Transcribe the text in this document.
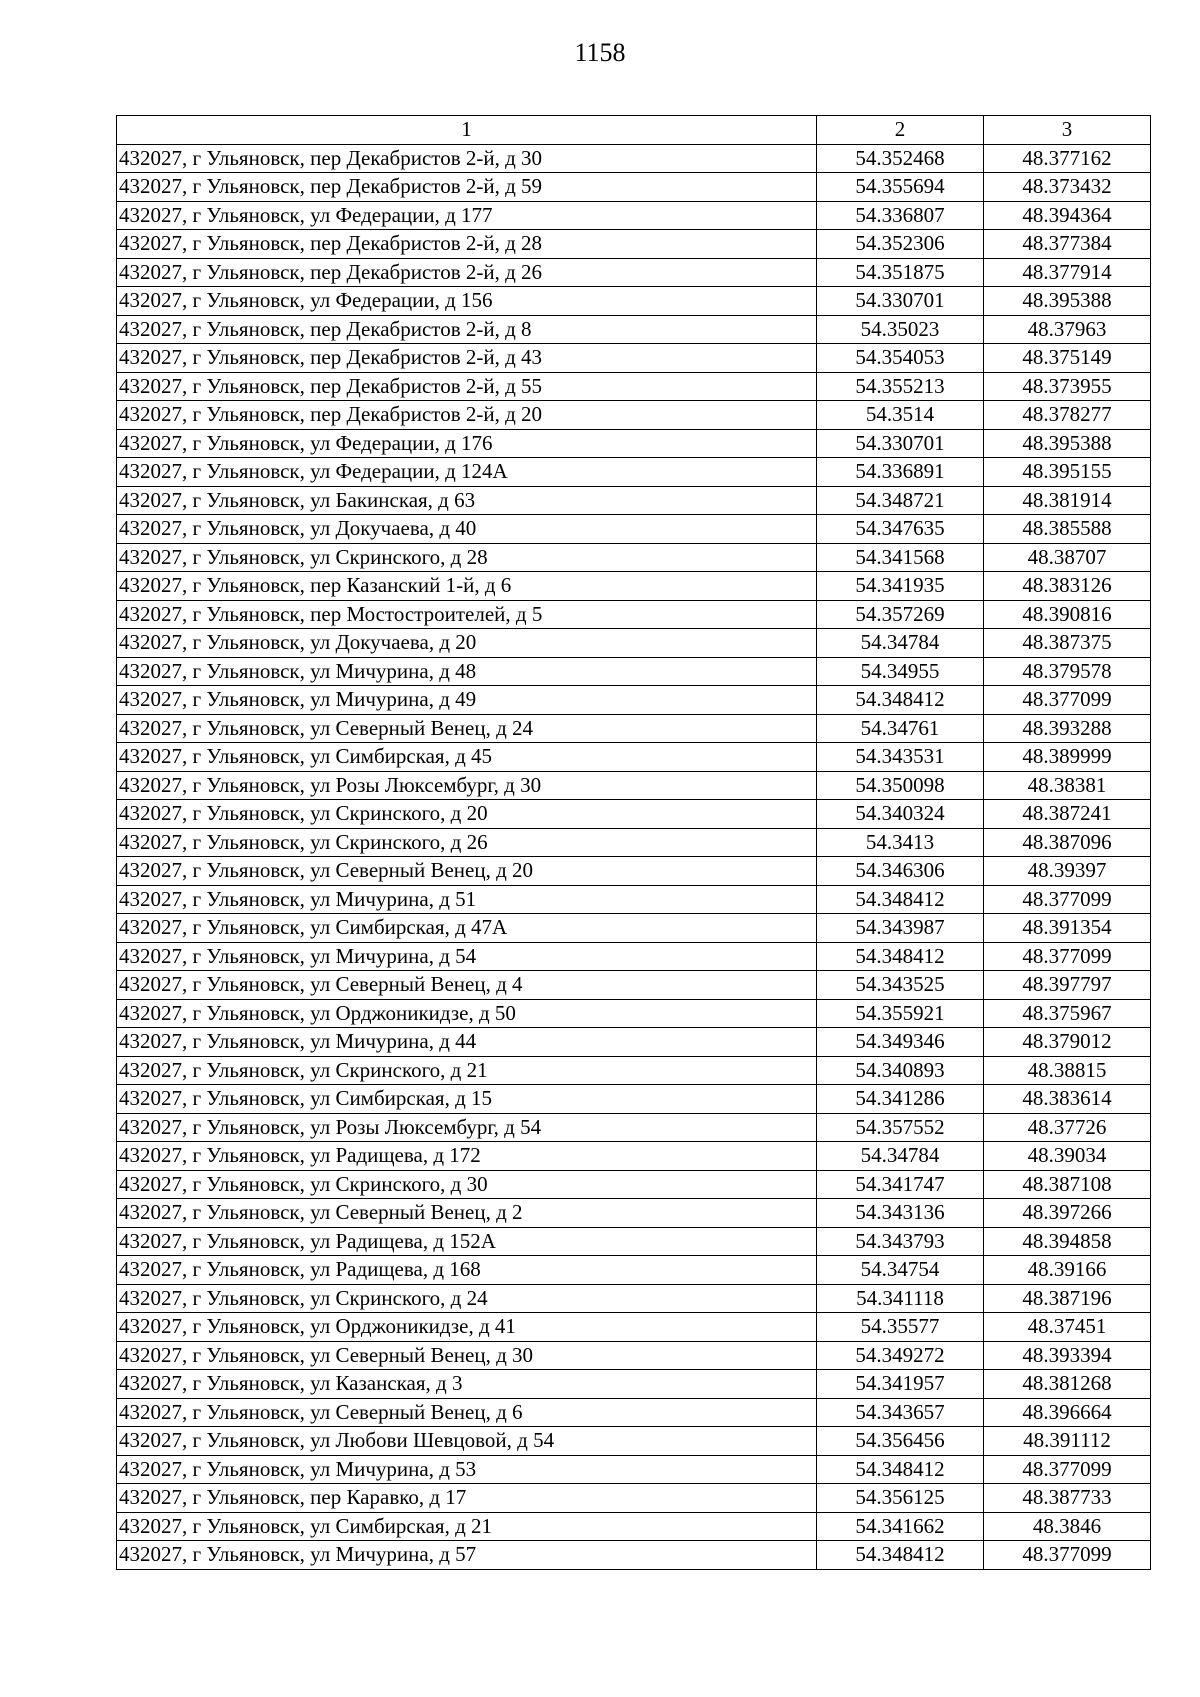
1158
1	2	3
432027, г Ульяновск, пер Декабристов 2-й, д 30	54.352468	48.377162
432027, г Ульяновск, пер Декабристов 2-й, д 59	54.355694	48.373432
432027, г Ульяновск, ул Федерации, д 177	54.336807	48.394364
432027, г Ульяновск, пер Декабристов 2-й, д 28	54.352306	48.377384
432027, г Ульяновск, пер Декабристов 2-й, д 26	54.351875	48.377914
432027, г Ульяновск, ул Федерации, д 156	54.330701	48.395388
432027, г Ульяновск, пер Декабристов 2-й, д 8	54.35023	48.37963
432027, г Ульяновск, пер Декабристов 2-й, д 43	54.354053	48.375149
432027, г Ульяновск, пер Декабристов 2-й, д 55	54.355213	48.373955
432027, г Ульяновск, пер Декабристов 2-й, д 20	54.3514	48.378277
432027, г Ульяновск, ул Федерации, д 176	54.330701	48.395388
432027, г Ульяновск, ул Федерации, д 124А	54.336891	48.395155
432027, г Ульяновск, ул Бакинская, д 63	54.348721	48.381914
432027, г Ульяновск, ул Докучаева, д 40	54.347635	48.385588
432027, г Ульяновск, ул Скринского, д 28	54.341568	48.38707
432027, г Ульяновск, пер Казанский 1-й, д 6	54.341935	48.383126
432027, г Ульяновск, пер Мостостроителей, д 5	54.357269	48.390816
432027, г Ульяновск, ул Докучаева, д 20	54.34784	48.387375
432027, г Ульяновск, ул Мичурина, д 48	54.34955	48.379578
432027, г Ульяновск, ул Мичурина, д 49	54.348412	48.377099
432027, г Ульяновск, ул Северный Венец, д 24	54.34761	48.393288
432027, г Ульяновск, ул Симбирская, д 45	54.343531	48.389999
432027, г Ульяновск, ул Розы Люксембург, д 30	54.350098	48.38381
432027, г Ульяновск, ул Скринского, д 20	54.340324	48.387241
432027, г Ульяновск, ул Скринского, д 26	54.3413	48.387096
432027, г Ульяновск, ул Северный Венец, д 20	54.346306	48.39397
432027, г Ульяновск, ул Мичурина, д 51	54.348412	48.377099
432027, г Ульяновск, ул Симбирская, д 47А	54.343987	48.391354
432027, г Ульяновск, ул Мичурина, д 54	54.348412	48.377099
432027, г Ульяновск, ул Северный Венец, д 4	54.343525	48.397797
432027, г Ульяновск, ул Орджоникидзе, д 50	54.355921	48.375967
432027, г Ульяновск, ул Мичурина, д 44	54.349346	48.379012
432027, г Ульяновск, ул Скринского, д 21	54.340893	48.38815
432027, г Ульяновск, ул Симбирская, д 15	54.341286	48.383614
432027, г Ульяновск, ул Розы Люксембург, д 54	54.357552	48.37726
432027, г Ульяновск, ул Радищева, д 172	54.34784	48.39034
432027, г Ульяновск, ул Скринского, д 30	54.341747	48.387108
432027, г Ульяновск, ул Северный Венец, д 2	54.343136	48.397266
432027, г Ульяновск, ул Радищева, д 152А	54.343793	48.394858
432027, г Ульяновск, ул Радищева, д 168	54.34754	48.39166
432027, г Ульяновск, ул Скринского, д 24	54.341118	48.387196
432027, г Ульяновск, ул Орджоникидзе, д 41	54.35577	48.37451
432027, г Ульяновск, ул Северный Венец, д 30	54.349272	48.393394
432027, г Ульяновск, ул Казанская, д 3	54.341957	48.381268
432027, г Ульяновск, ул Северный Венец, д 6	54.343657	48.396664
432027, г Ульяновск, ул Любови Шевцовой, д 54	54.356456	48.391112
432027, г Ульяновск, ул Мичурина, д 53	54.348412	48.377099
432027, г Ульяновск, пер Каравко, д 17	54.356125	48.387733
432027, г Ульяновск, ул Симбирская, д 21	54.341662	48.3846
432027, г Ульяновск, ул Мичурина, д 57	54.348412	48.377099
